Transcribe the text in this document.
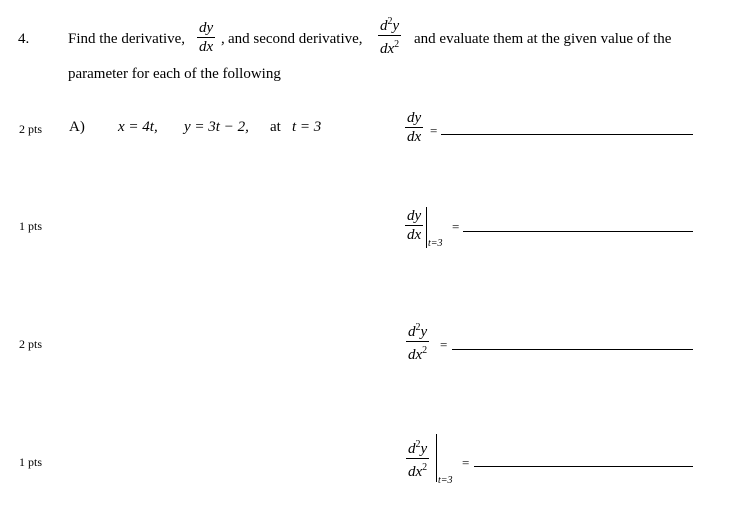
4.	Find the derivative,
dy
dx , and second derivative,
$d^2y$
$dx^2$ and evaluate them at the given value of the
parameter for each of the following
2 pts A) x = 4t, y = 3t − 2, at t = 3
dy
dx =
1 pts
dy
dx
t=3
=
2 pts
$d^2y$
$dx^2$ =
1 pts
$d^2y$
$dx^2$
t=3
=
